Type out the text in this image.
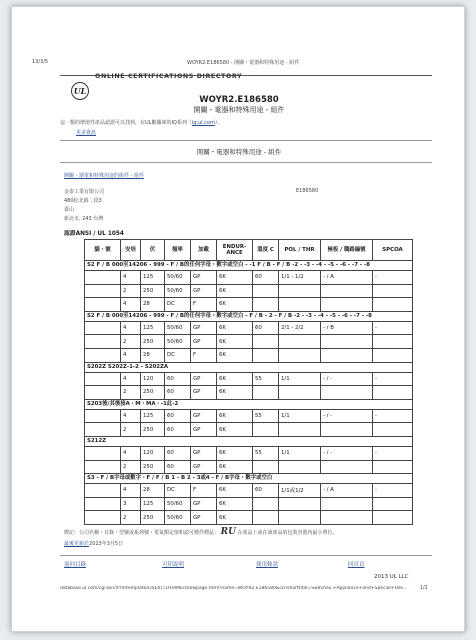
13/3/5	WOYR2.E186580 - 開關・電器和特殊用途 - 組件
UL
ONLINE CERTIFICATIONS DIRECTORY
WOYR2.E186580
開關・電器和特殊用途 - 組件
這一類的增值性產品認證可以找到，在UL數據庫的IQ系列（iq.ul.com）。
更多資訊
開關・電器和特殊用途 - 組件
開關 - 器電和特殊用途的組件 - 組件
金泰工業有限公司	E186580
480松北路二段3
臺山
新北市, 243 台灣
認證ANSI / UL 1054
貓・號	安培	伏	頻率	加載	ENDUR- ANCE	溫度 C	POL / THR	極板 / 職路編號	SPCOA
S2 F / B 000至14206 - 999 - F / B的任何字母・數字或空白 - -1 F / B - F / B -2 - -3 - -4 - -5 - -6 - -7 - -8									
	4	125	50/60	GP	6K	60	1/1 - 1/2	- / A	-
	2	250	50/60	GP	6K				
	4	28	DC	F	6K				
S2 F / B 000至14206 - 999 - F / B的任何字母・數字或空白 - F / B - 2 - F / B -2 - -3 - -4 - -5 - -6 - -7 - -8									
	4	125	50/60	GP	6K	60	2/1 - 2/2	- / B	-
	2	250	50/60	GP	6K				
	4	28	DC	F	6K				
S202Z S202Z-1-2 - S202ZA									
	4	120	60	GP	6K	55	1/1	- / -	-
	2	250	60	GP	6K				
S203後/其後接A・M・MA・-1此-2									
	4	125	60	GP	6K	55	1/1	- / -	-
	2	250	60	GP	6K				
S212Z									
	4	120	60	GP	6K	55	1/1	- / -	-
	2	250	60	GP	6K				
S3 - F / B字母或數字・F / F / B 1 - B 2 - 3或4 - F / B字母・數字或空白									
	4	28	DC	F	6K	60	1/1或1/2	- / A	-
	3	125	50/60	GP	6K				
	2	250	50/60	GP	6K				
標記：公司名稱・目錄・型號或系列號・電氣額定值和認可標件標誌： RU 在產品上或在該產品的包裝容器內最小單位。
最後更新於2013年3月5日
返回目錄	可印說明	使用條款	回頁首
2013 UL LLC
database.ul.com/cgi-bin/XYV/template/LISEXT/1FRAME/showpage.html?name=WOYR2.E186580&ccnshorttitle=Switches,+Appliance+and+Special+Use...	1/2
